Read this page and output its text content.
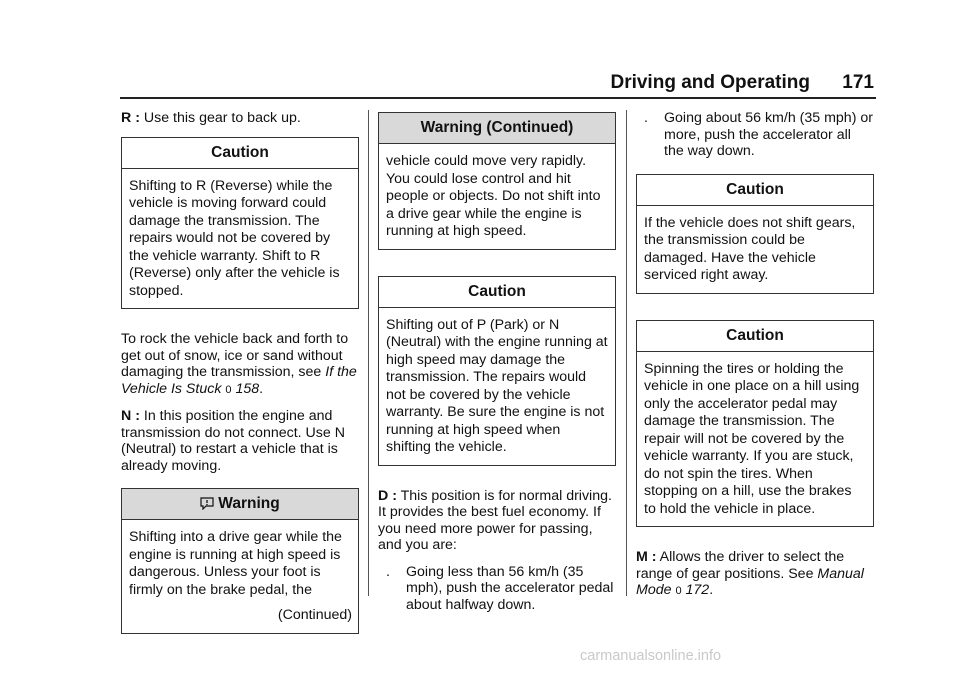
Driving and Operating 171

R : Use this gear to back up.

Caution
Shifting to R (Reverse) while the vehicle is moving forward could damage the transmission. The repairs would not be covered by the vehicle warranty. Shift to R (Reverse) only after the vehicle is stopped.

To rock the vehicle back and forth to get out of snow, ice or sand without damaging the transmission, see If the Vehicle Is Stuck 0 158.

N : In this position the engine and transmission do not connect. Use N (Neutral) to restart a vehicle that is already moving.

Warning
Shifting into a drive gear while the engine is running at high speed is dangerous. Unless your foot is firmly on the brake pedal, the
(Continued)
Warning (Continued)
vehicle could move very rapidly. You could lose control and hit people or objects. Do not shift into a drive gear while the engine is running at high speed.
Caution
Shifting out of P (Park) or N (Neutral) with the engine running at high speed may damage the transmission. The repairs would not be covered by the vehicle warranty. Be sure the engine is not running at high speed when shifting the vehicle.

D : This position is for normal driving. It provides the best fuel economy. If you need more power for passing, and you are:

. Going less than 56 km/h (35 mph), push the accelerator pedal about halfway down.
. Going about 56 km/h (35 mph) or more, push the accelerator all the way down.
Caution
If the vehicle does not shift gears, the transmission could be damaged. Have the vehicle serviced right away.
Caution
Spinning the tires or holding the vehicle in one place on a hill using only the accelerator pedal may damage the transmission. The repair will not be covered by the vehicle warranty. If you are stuck, do not spin the tires. When stopping on a hill, use the brakes to hold the vehicle in place.

M : Allows the driver to select the range of gear positions. See Manual Mode 0 172.

carmanualsonline.info
